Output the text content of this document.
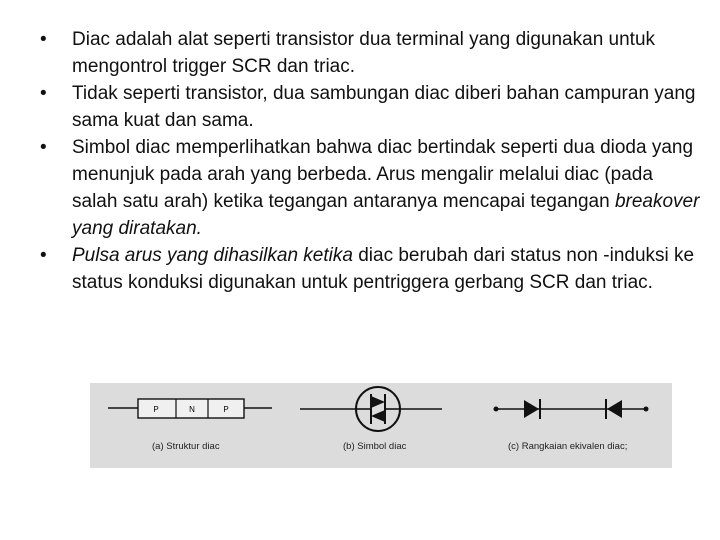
•	Diac adalah alat seperti transistor dua terminal yang digunakan untuk mengontrol trigger SCR dan triac.
•	Tidak seperti transistor, dua sambungan diac diberi bahan campuran yang sama kuat dan sama.
•	Simbol diac memperlihatkan bahwa diac bertindak seperti dua dioda yang menunjuk pada arah yang berbeda. Arus mengalir melalui diac (pada salah satu arah) ketika tegangan antaranya mencapai tegangan breakover yang diratakan.
•	Pulsa arus yang dihasilkan ketika diac berubah dari status non -induksi ke status konduksi digunakan untuk pentriggera gerbang SCR dan triac.
P	N	P
(a) Struktur diac	(b) Simbol diac	(c) Rangkaian ekivalen diac;
